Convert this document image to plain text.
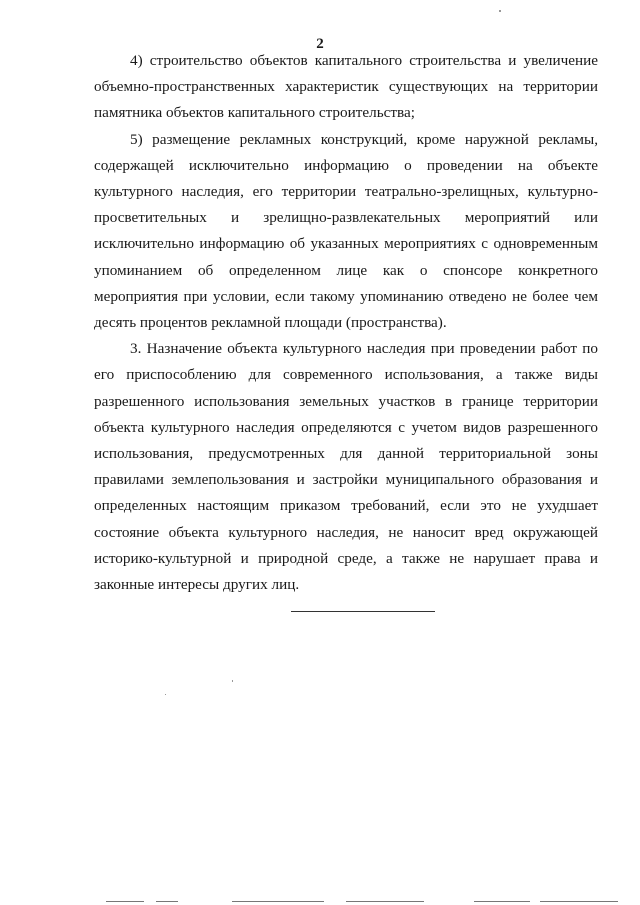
2

4) строительство объектов капитального строительства и увеличение объемно-пространственных характеристик существующих на территории памятника объектов капитального строительства;

5) размещение рекламных конструкций, кроме наружной рекламы, содержащей исключительно информацию о проведении на объекте культурного наследия, его территории театрально-зрелищных, культурно-просветительных и зрелищно-развлекательных мероприятий или исключительно информацию об указанных мероприятиях с одновременным упоминанием об определенном лице как о спонсоре конкретного мероприятия при условии, если такому упоминанию отведено не более чем десять процентов рекламной площади (пространства).

3. Назначение объекта культурного наследия при проведении работ по его приспособлению для современного использования, а также виды разрешенного использования земельных участков в границе территории объекта культурного наследия определяются с учетом видов разрешенного использования, предусмотренных для данной территориальной зоны правилами землепользования и застройки муниципального образования и определенных настоящим приказом требований, если это не ухудшает состояние объекта культурного наследия, не наносит вред окружающей историко-культурной и природной среде, а также не нарушает права и законные интересы других лиц.
